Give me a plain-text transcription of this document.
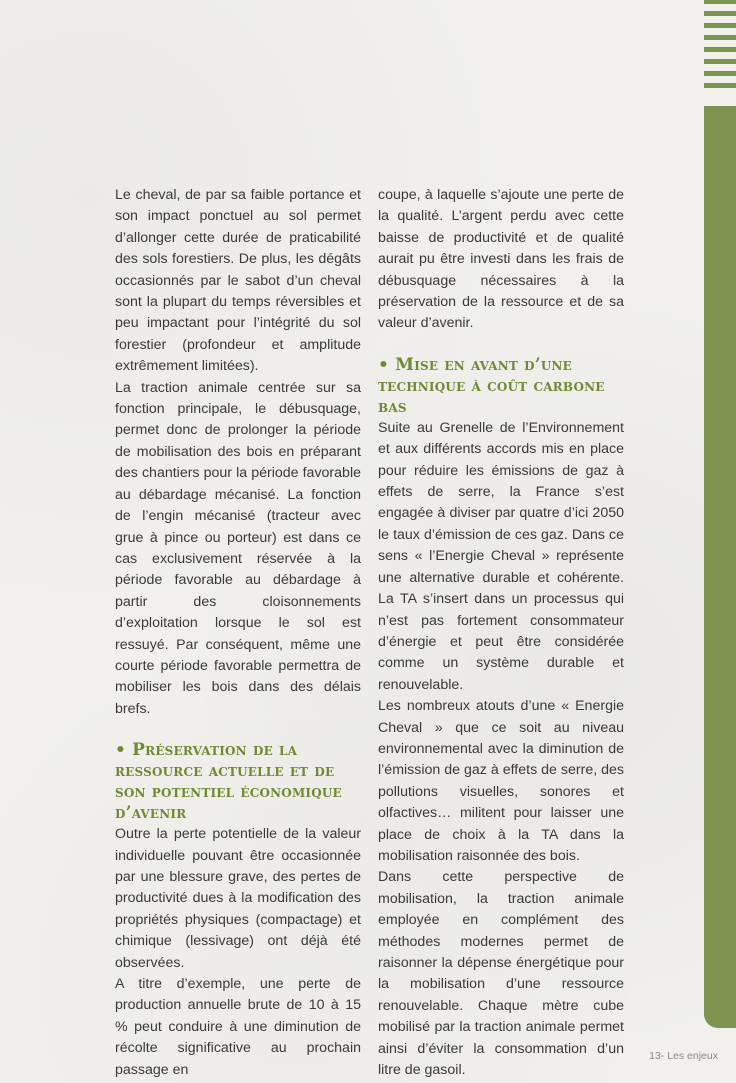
Le cheval, de par sa faible portance et son impact ponctuel au sol permet d’allonger cette durée de praticabilité des sols forestiers. De plus, les dégâts occasionnés par le sabot d’un cheval sont la plupart du temps réversibles et peu impactant pour l’intégrité du sol forestier (profondeur et amplitude extrêmement limitées).

La traction animale centrée sur sa fonction principale, le débusquage, permet donc de prolonger la période de mobilisation des bois en préparant des chantiers pour la période favorable au débardage mécanisé. La fonction de l’engin mécanisé (tracteur avec grue à pince ou porteur) est dans ce cas exclusivement réservée à la période favorable au débardage à partir des cloisonnements d’exploitation lorsque le sol est ressuyé. Par conséquent, même une courte période favorable permettra de mobiliser les bois dans des délais brefs.

• Préservation de la ressource actuelle et de son potentiel économique d’avenir

Outre la perte potentielle de la valeur individuelle pouvant être occasionnée par une blessure grave, des pertes de productivité dues à la modification des propriétés physiques (compactage) et chimique (lessivage) ont déjà été observées.

A titre d’exemple, une perte de production annuelle brute de 10 à 15 % peut conduire à une diminution de récolte significative au prochain passage en

coupe, à laquelle s’ajoute une perte de la qualité. L’argent perdu avec cette baisse de productivité et de qualité aurait pu être investi dans les frais de débusquage nécessaires à la préservation de la ressource et de sa valeur d’avenir.

• Mise en avant d’une technique à coût carbone bas

Suite au Grenelle de l’Environnement et aux différents accords mis en place pour réduire les émissions de gaz à effets de serre, la France s’est engagée à diviser par quatre d’ici 2050 le taux d’émission de ces gaz. Dans ce sens « l’Energie Cheval » représente une alternative durable et cohérente. La TA s’insert dans un processus qui n’est pas fortement consommateur d’énergie et peut être considérée comme un système durable et renouvelable.

Les nombreux atouts d’une « Energie Cheval » que ce soit au niveau environnemental avec la diminution de l’émission de gaz à effets de serre, des pollutions visuelles, sonores et olfactives… militent pour laisser une place de choix à la TA dans la mobilisation raisonnée des bois.

Dans cette perspective de mobilisation, la traction animale employée en complément des méthodes modernes permet de raisonner la dépense énergétique pour la mobilisation d’une ressource renouvelable. Chaque mètre cube mobilisé par la traction animale permet ainsi d’éviter la consommation d’un litre de gasoil.

13- Les enjeux
